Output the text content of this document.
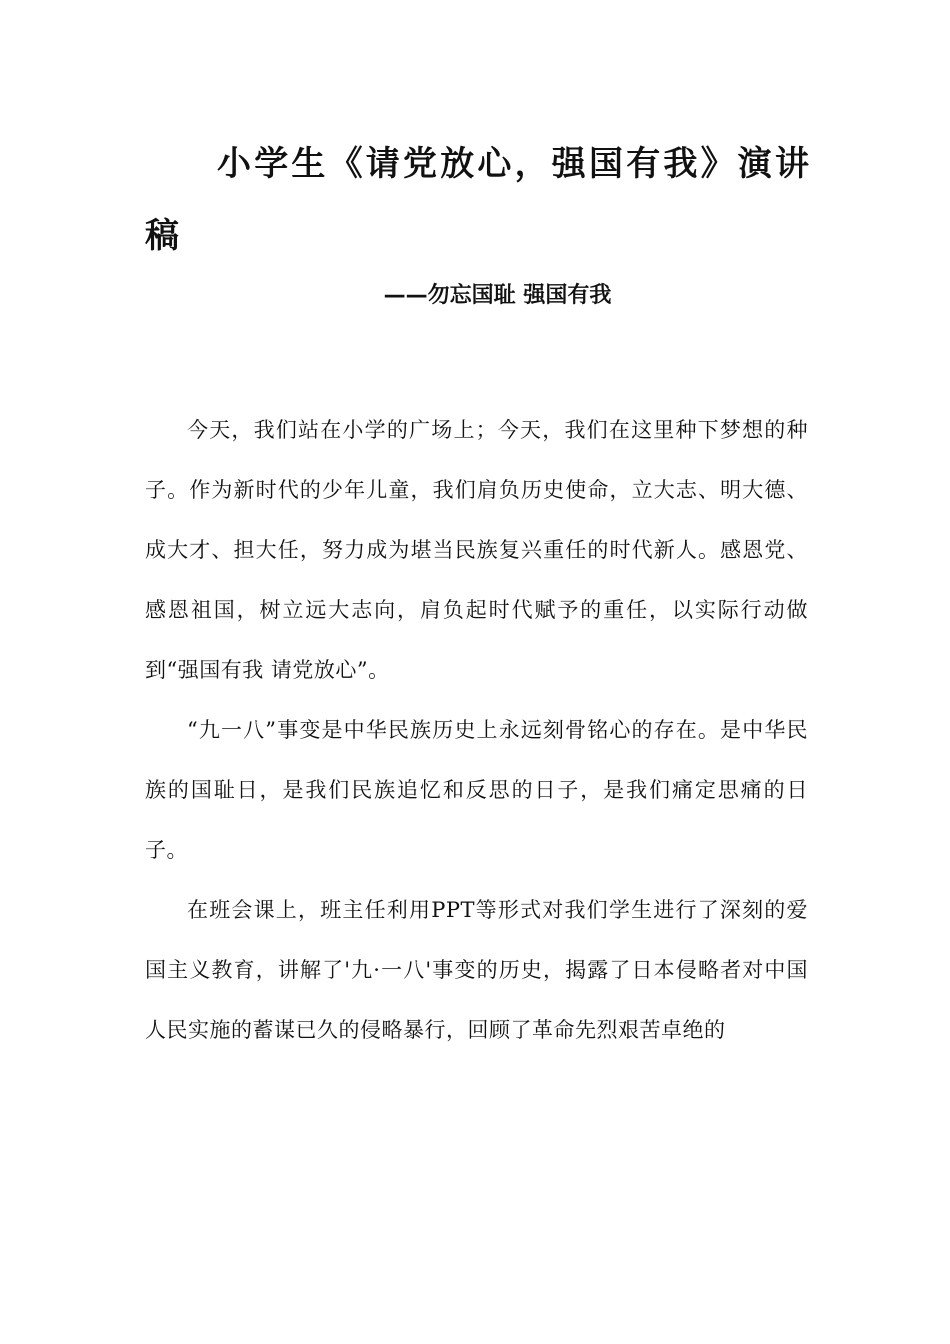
小学生《请党放心，强国有我》演讲稿
——勿忘国耻 强国有我

今天，我们站在小学的广场上；今天，我们在这里种下梦想的种子。作为新时代的少年儿童，我们肩负历史使命，立大志、明大德、成大才、担大任，努力成为堪当民族复兴重任的时代新人。感恩党、感恩祖国，树立远大志向，肩负起时代赋予的重任，以实际行动做到“强国有我 请党放心”。

“九一八”事变是中华民族历史上永远刻骨铭心的存在。是中华民族的国耻日，是我们民族追忆和反思的日子，是我们痛定思痛的日子。

在班会课上，班主任利用PPT等形式对我们学生进行了深刻的爱国主义教育，讲解了'九·一八'事变的历史，揭露了日本侵略者对中国人民实施的蓄谋已久的侵略暴行，回顾了革命先烈艰苦卓绝的
